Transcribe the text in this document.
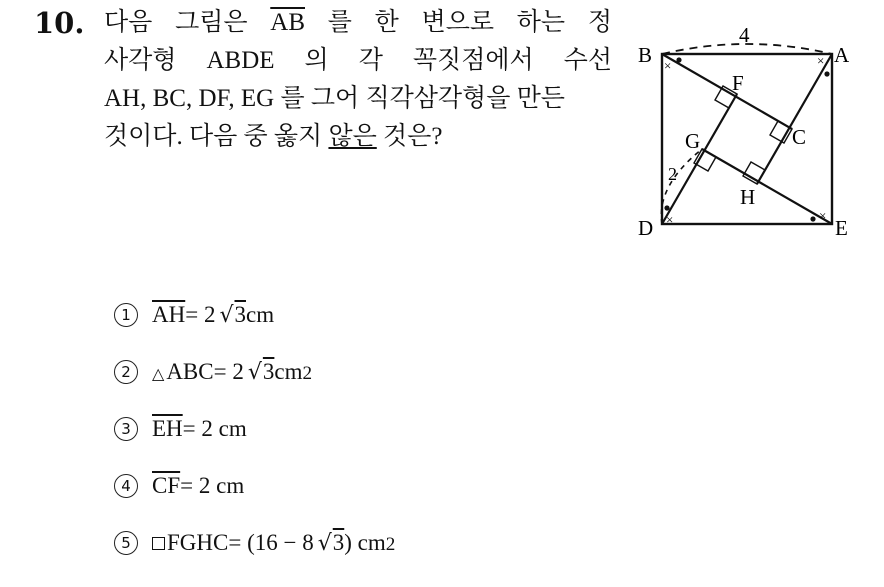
10. 다음 그림은 $\overline{AB}$ 를 한 변으로 하는 정
사각형 ABDE 의 각 꼭짓점에서 수선
AH, BC, DF, EG 를 그어 직각삼각형을 만든
것이다. 다음 중 옳지 않은 것은?
4
2
×	×
×	×
B	A
D	E
F
C
G
H
1 $\overline{AH} = 2$ √ 3 cm
2	△ ABC = 2 √ 3 cm 2
3 $\overline{EH} = 2$ cm
4 $\overline{CF} = 2$ cm
5	FGHC = (16 − 8 √ 3 ) cm 2
